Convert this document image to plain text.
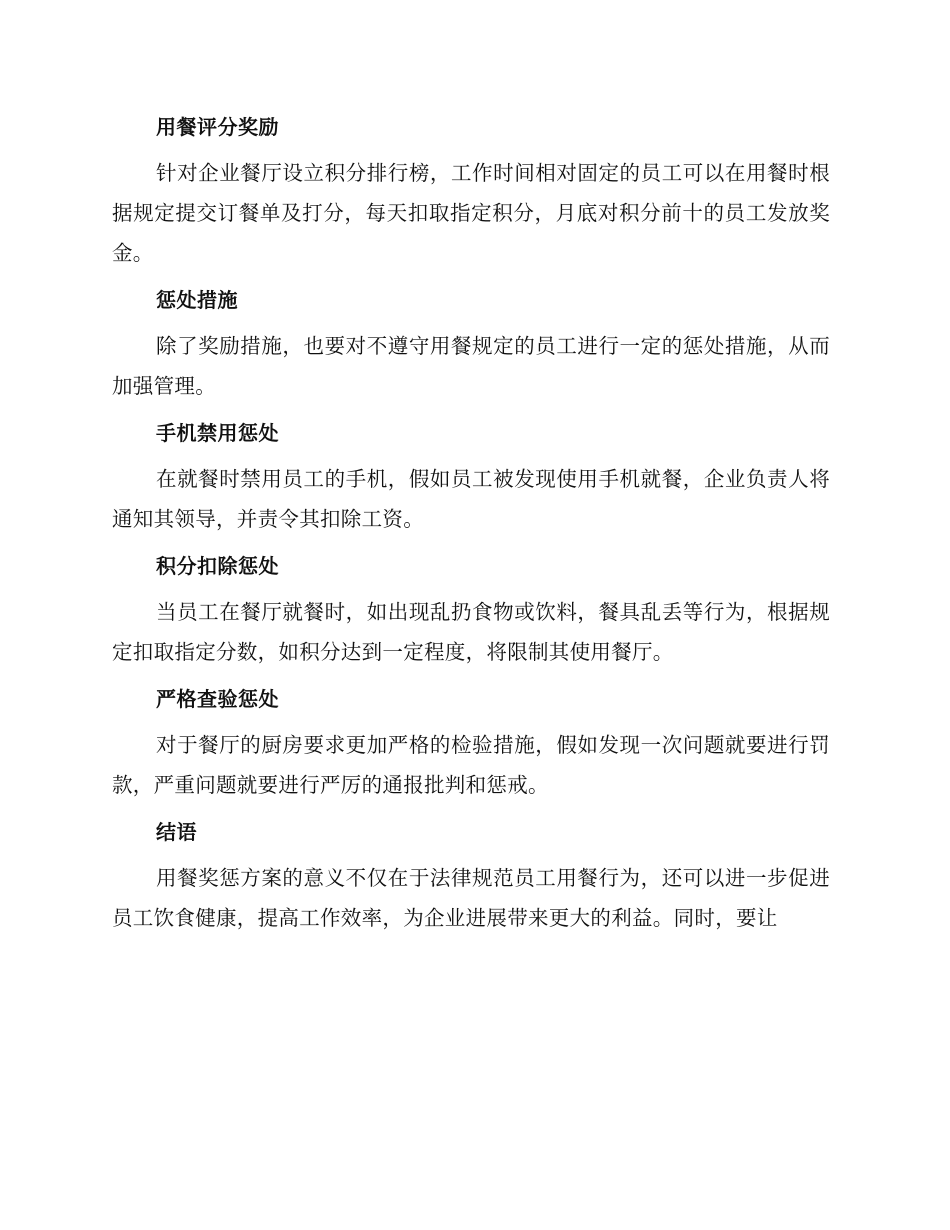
用餐评分奖励

针对企业餐厅设立积分排行榜，工作时间相对固定的员工可以在用餐时根据规定提交订餐单及打分，每天扣取指定积分，月底对积分前十的员工发放奖金。

惩处措施

除了奖励措施，也要对不遵守用餐规定的员工进行一定的惩处措施，从而加强管理。

手机禁用惩处

在就餐时禁用员工的手机，假如员工被发现使用手机就餐，企业负责人将通知其领导，并责令其扣除工资。

积分扣除惩处

当员工在餐厅就餐时，如出现乱扔食物或饮料，餐具乱丢等行为，根据规定扣取指定分数，如积分达到一定程度，将限制其使用餐厅。

严格查验惩处

对于餐厅的厨房要求更加严格的检验措施，假如发现一次问题就要进行罚款，严重问题就要进行严厉的通报批判和惩戒。

结语

用餐奖惩方案的意义不仅在于法律规范员工用餐行为，还可以进一步促进员工饮食健康，提高工作效率，为企业进展带来更大的利益。同时，要让
